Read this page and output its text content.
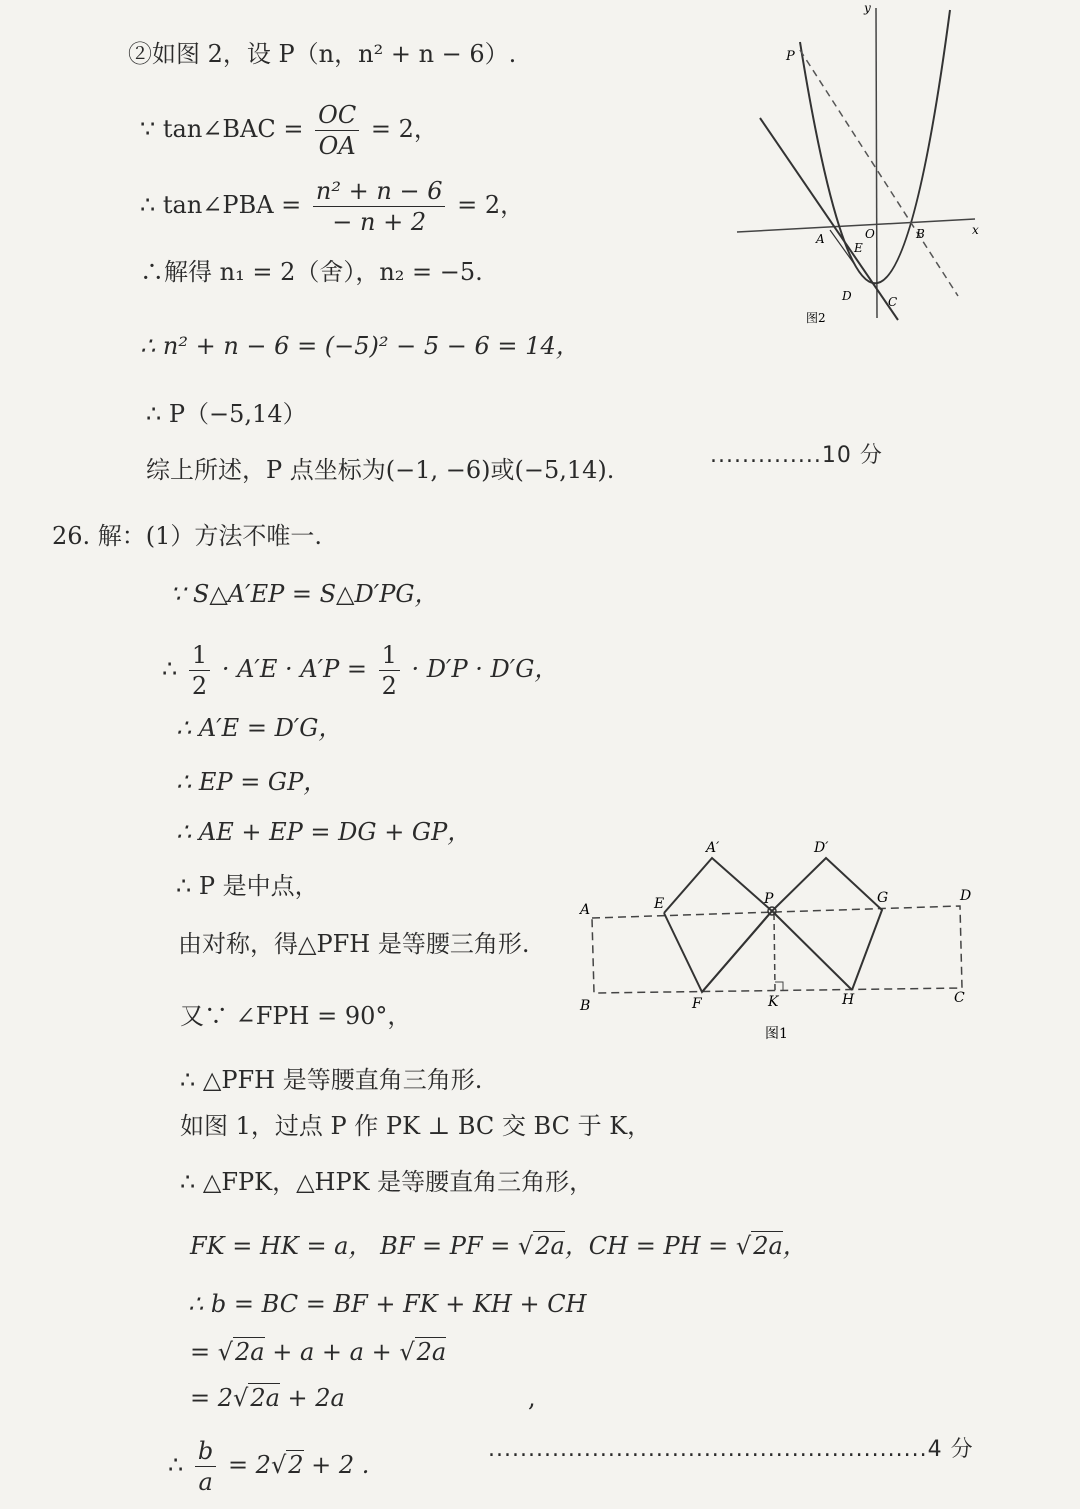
②如图 2，设 P（n，n² + n − 6）.
∵ tan∠BAC = $\frac{OC}{OA} = 2$，
∴ tan∠PBA = $\frac{\text{n² + n − 6}}{- n + 2} = 2$，
∴解得 n₁ = 2（舍），n₂ = −5.
∴ n² + n − 6 = (−5)² − 5 − 6 = 14，
∴ P（−5,14）
综上所述，P 点坐标为(−1, −6)或(−5,14).
..............10 分
y
x
P
A	O	B
E
D	C
图2
26. 解：(1）方法不唯一.
∵ S△A′EP = S△D′PG，
∴ $\frac{1}{2} \cdot A'E \cdot A'P = \frac{1}{2} \cdot D'P \cdot D'G$，
∴ A′E = D′G，
∴ EP = GP，
∴ AE + EP = DG + GP，
∴ P 是中点，
由对称，得△PFH 是等腰三角形.
又∵ ∠FPH = 90°，
∴ △PFH 是等腰直角三角形.
如图 1，过点 P 作 PK ⊥ BC 交 BC 于 K，
∴ △FPK，△HPK 是等腰直角三角形，
FK = HK = a， BF = PF = √2a，CH = PH = √2a，
∴ b = BC = BF + FK + KH + CH
= √2a + a + a + √2a
= 2√2a + 2a	,
∴ $\frac{b}{a} = 2√2 + 2$ .
.......................................................4 分
A′	D′
A	E	P	G	D
B	F	K	H	C
图1
